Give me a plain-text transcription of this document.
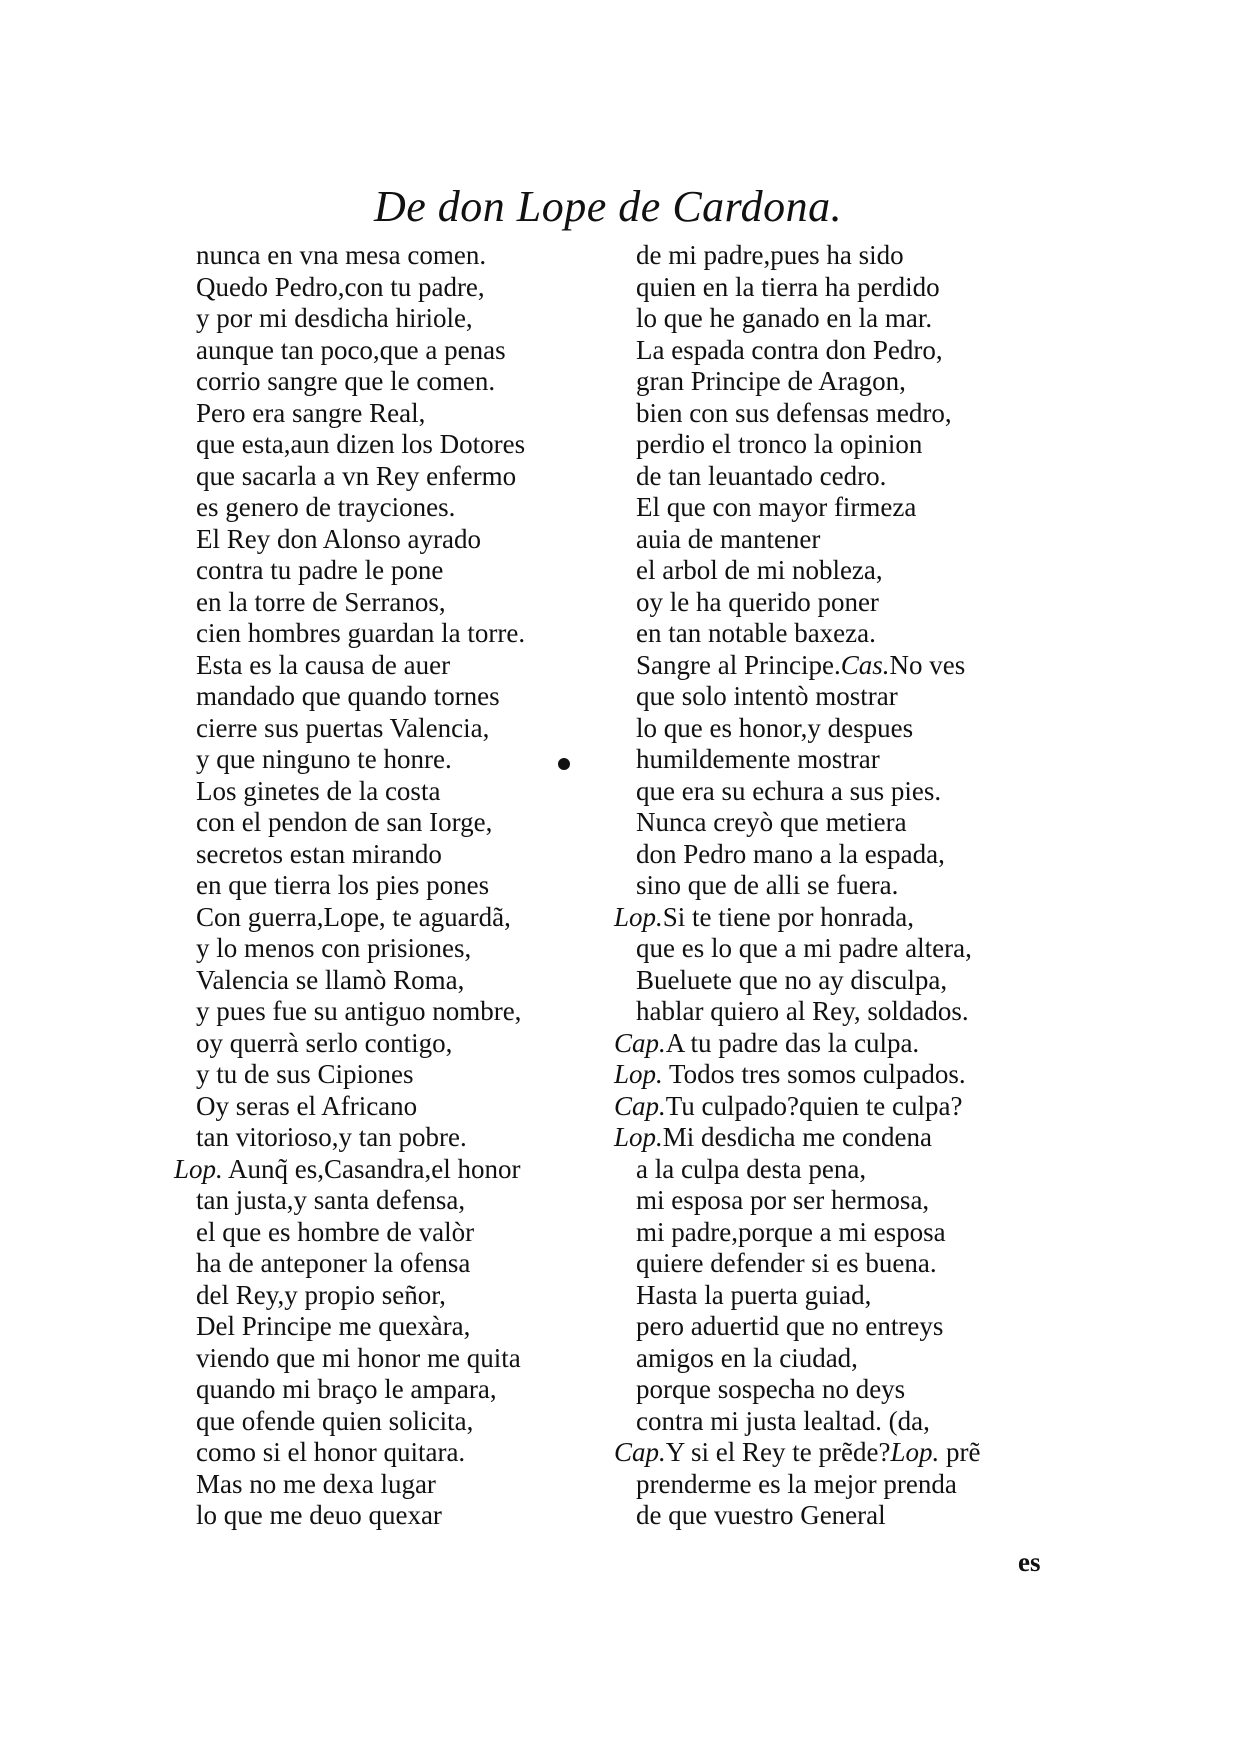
De don Lope de Cardona.
nunca en vna mesa comen.
Quedo Pedro,con tu padre,
y por mi desdicha hiriole,
aunque tan poco,que a penas
corrio sangre que le comen.
Pero era sangre Real,
que esta,aun dizen los Dotores
que sacarla a vn Rey enfermo
es genero de trayciones.
El Rey don Alonso ayrado
contra tu padre le pone
en la torre de Serranos,
cien hombres guardan la torre.
Esta es la causa de auer
mandado que quando tornes
cierre sus puertas Valencia,
y que ninguno te honre.
Los ginetes de la costa
con el pendon de san Iorge,
secretos estan mirando
en que tierra los pies pones
Con guerra,Lope, te aguardã,
y lo menos con prisiones,
Valencia se llamò Roma,
y pues fue su antiguo nombre,
oy querrà serlo contigo,
y tu de sus Cipiones
Oy seras el Africano
tan vitorioso,y tan pobre.
Lop. Aunq̃ es,Casandra,el honor
tan justa,y santa defensa,
el que es hombre de valòr
ha de anteponer la ofensa
del Rey,y propio señor,
Del Principe me quexàra,
viendo que mi honor me quita
quando mi braço le ampara,
que ofende quien solicita,
como si el honor quitara.
Mas no me dexa lugar
lo que me deuo quexar
de mi padre,pues ha sido
quien en la tierra ha perdido
lo que he ganado en la mar.
La espada contra don Pedro,
gran Principe de Aragon,
bien con sus defensas medro,
perdio el tronco la opinion
de tan leuantado cedro.
El que con mayor firmeza
auia de mantener
el arbol de mi nobleza,
oy le ha querido poner
en tan notable baxeza.
Sangre al Principe.Cas.No ves
que solo intentò mostrar
lo que es honor,y despues
humildemente mostrar
que era su echura a sus pies.
Nunca creyò que metiera
don Pedro mano a la espada,
sino que de alli se fuera.
Lop.Si te tiene por honrada,
que es lo que a mi padre altera,
Bueluete que no ay disculpa,
hablar quiero al Rey, soldados.
Cap.A tu padre das la culpa.
Lop. Todos tres somos culpados.
Cap.Tu culpado?quien te culpa?
Lop.Mi desdicha me condena
a la culpa desta pena,
mi esposa por ser hermosa,
mi padre,porque a mi esposa
quiere defender si es buena.
Hasta la puerta guiad,
pero aduertid que no entreys
amigos en la ciudad,
porque sospecha no deys
contra mi justa lealtad. (da,
Cap.Y si el Rey te prẽde?Lop. prẽ
prenderme es la mejor prenda
de que vuestro General
es
